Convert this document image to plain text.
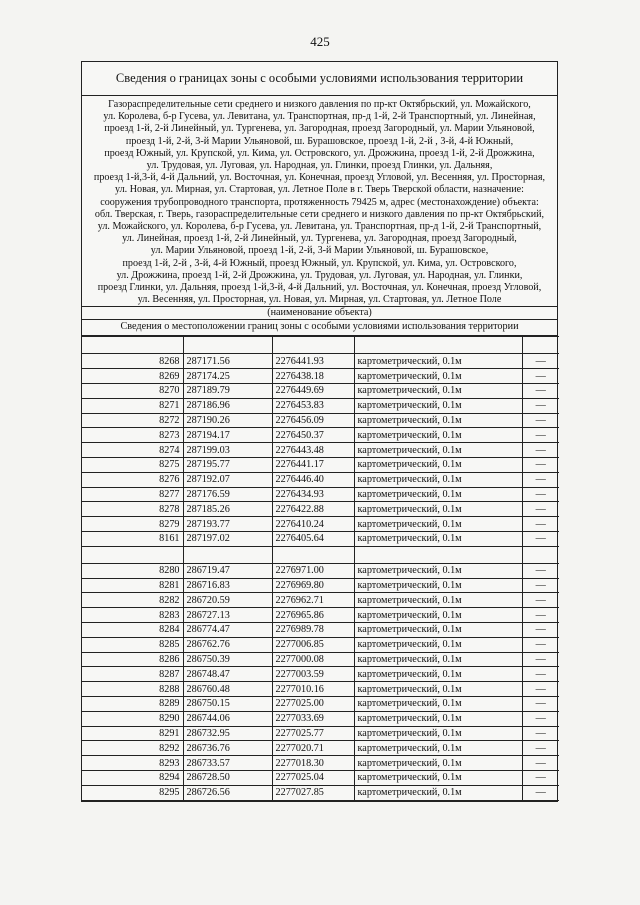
425
Сведения о границах зоны с особыми условиями использования территории
Газораспределительные сети среднего и низкого давления по пр-кт Октябрьский, ул. Можайского,
ул. Королева, б-р Гусева, ул. Левитана, ул. Транспортная, пр-д 1-й, 2-й Транспортный, ул. Линейная,
проезд 1-й, 2-й Линейный, ул. Тургенева, ул. Загородная, проезд Загородный, ул. Марии Ульяновой,
проезд 1-й, 2-й, 3-й Марии Ульяновой, ш. Бурашовское, проезд 1-й, 2-й , 3-й, 4-й Южный,
проезд Южный, ул. Крупской, ул. Кима, ул. Островского, ул. Дрожжина, проезд 1-й, 2-й Дрожжина,
ул. Трудовая, ул. Луговая, ул. Народная, ул. Глинки, проезд Глинки, ул. Дальняя,
проезд 1-й,3-й, 4-й Дальний, ул. Восточная, ул. Конечная, проезд Угловой, ул. Весенняя, ул. Просторная,
ул. Новая, ул. Мирная, ул. Стартовая, ул. Летное Поле в г. Тверь Тверской области, назначение:
сооружения трубопроводного транспорта, протяженность 79425 м, адрес (местонахождение) объекта:
обл. Тверская, г. Тверь, газораспределительные сети среднего и низкого давления по пр-кт Октябрьский,
ул. Можайского, ул. Королева, б-р Гусева, ул. Левитана, ул. Транспортная, пр-д 1-й, 2-й Транспортный,
ул. Линейная, проезд 1-й, 2-й Линейный, ул. Тургенева, ул. Загородная, проезд Загородный,
ул. Марии Ульяновой, проезд 1-й, 2-й, 3-й Марии Ульяновой, ш. Бурашовское,
проезд 1-й, 2-й , 3-й, 4-й Южный, проезд Южный, ул. Крупской, ул. Кима, ул. Островского,
ул. Дрожжина, проезд 1-й, 2-й Дрожжина, ул. Трудовая, ул. Луговая, ул. Народная, ул. Глинки,
проезд Глинки, ул. Дальняя, проезд 1-й,3-й, 4-й Дальний, ул. Восточная, ул. Конечная, проезд Угловой,
ул. Весенняя, ул. Просторная, ул. Новая, ул. Мирная, ул. Стартовая, ул. Летное Поле
(наименование объекта)
Сведения о местоположении границ зоны с особыми условиями использования территории

8268	287171.56	2276441.93	картометрический, 0.1м	—
8269	287174.25	2276438.18	картометрический, 0.1м	—
8270	287189.79	2276449.69	картометрический, 0.1м	—
8271	287186.96	2276453.83	картометрический, 0.1м	—
8272	287190.26	2276456.09	картометрический, 0.1м	—
8273	287194.17	2276450.37	картометрический, 0.1м	—
8274	287199.03	2276443.48	картометрический, 0.1м	—
8275	287195.77	2276441.17	картометрический, 0.1м	—
8276	287192.07	2276446.40	картометрический, 0.1м	—
8277	287176.59	2276434.93	картометрический, 0.1м	—
8278	287185.26	2276422.88	картометрический, 0.1м	—
8279	287193.77	2276410.24	картометрический, 0.1м	—
8161	287197.02	2276405.64	картометрический, 0.1м	—

8280	286719.47	2276971.00	картометрический, 0.1м	—
8281	286716.83	2276969.80	картометрический, 0.1м	—
8282	286720.59	2276962.71	картометрический, 0.1м	—
8283	286727.13	2276965.86	картометрический, 0.1м	—
8284	286774.47	2276989.78	картометрический, 0.1м	—
8285	286762.76	2277006.85	картометрический, 0.1м	—
8286	286750.39	2277000.08	картометрический, 0.1м	—
8287	286748.47	2277003.59	картометрический, 0.1м	—
8288	286760.48	2277010.16	картометрический, 0.1м	—
8289	286750.15	2277025.00	картометрический, 0.1м	—
8290	286744.06	2277033.69	картометрический, 0.1м	—
8291	286732.95	2277025.77	картометрический, 0.1м	—
8292	286736.76	2277020.71	картометрический, 0.1м	—
8293	286733.57	2277018.30	картометрический, 0.1м	—
8294	286728.50	2277025.04	картометрический, 0.1м	—
8295	286726.56	2277027.85	картометрический, 0.1м	—
